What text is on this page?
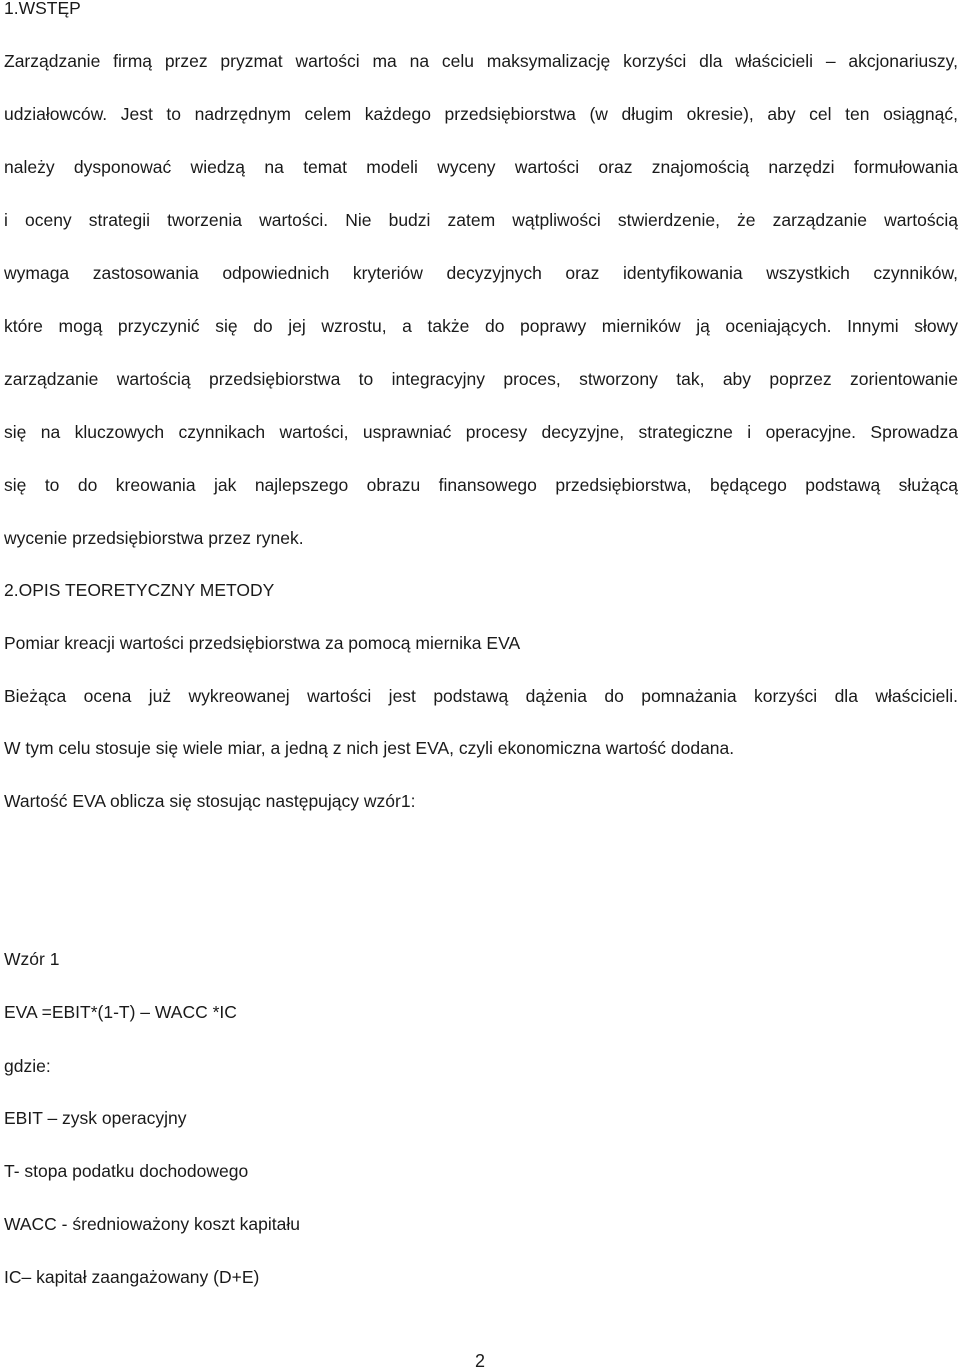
1.WSTĘP
Zarządzanie firmą przez pryzmat wartości ma na celu maksymalizację korzyści dla właścicieli – akcjonariuszy,
udziałowców. Jest to nadrzędnym celem każdego przedsiębiorstwa (w długim okresie), aby cel ten osiągnąć,
należy dysponować wiedzą na temat modeli wyceny wartości oraz znajomością narzędzi formułowania
i oceny strategii tworzenia wartości. Nie budzi zatem wątpliwości stwierdzenie, że zarządzanie wartością
wymaga zastosowania odpowiednich kryteriów decyzyjnych oraz identyfikowania wszystkich czynników,
które mogą przyczynić się do jej wzrostu, a także do poprawy mierników ją oceniających. Innymi słowy
zarządzanie wartością przedsiębiorstwa to integracyjny proces, stworzony tak, aby poprzez zorientowanie
się na kluczowych czynnikach wartości, usprawniać procesy decyzyjne, strategiczne i operacyjne. Sprowadza
się to do kreowania jak najlepszego obrazu finansowego przedsiębiorstwa, będącego podstawą służącą
wycenie przedsiębiorstwa przez rynek.
2.OPIS TEORETYCZNY METODY
Pomiar kreacji wartości przedsiębiorstwa za pomocą miernika EVA
Bieżąca ocena już wykreowanej wartości jest podstawą dążenia do pomnażania korzyści dla właścicieli.
W tym celu stosuje się wiele miar, a jedną z nich jest EVA, czyli ekonomiczna wartość dodana.
Wartość EVA oblicza się stosując następujący wzór1:
Wzór 1
EVA =EBIT*(1-T) – WACC *IC
gdzie:
EBIT – zysk operacyjny
T- stopa podatku dochodowego
WACC - średnioważony koszt kapitału
IC– kapitał zaangażowany (D+E)
2
